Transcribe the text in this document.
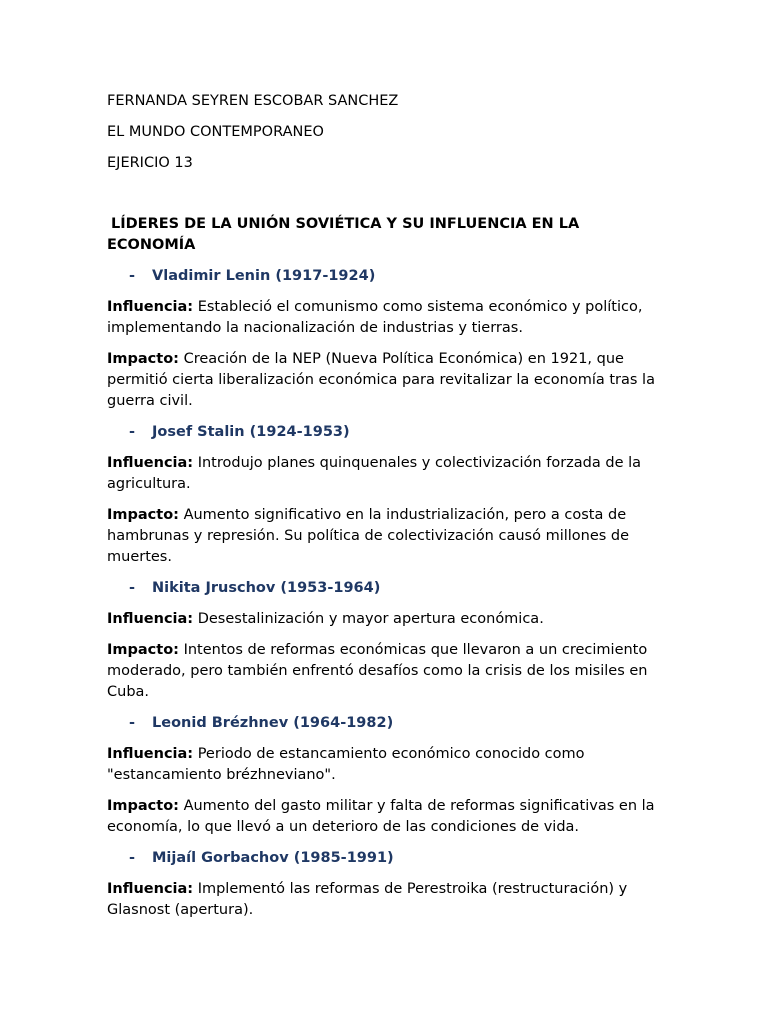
FERNANDA SEYREN ESCOBAR SANCHEZ
EL MUNDO CONTEMPORANEO
EJERICIO 13
LÍDERES DE LA UNIÓN SOVIÉTICA Y SU INFLUENCIA EN LA
ECONOMÍA
-	Vladimir Lenin (1917-1924)
Influencia: Estableció el comunismo como sistema económico y político, implementando la nacionalización de industrias y tierras.
Impacto: Creación de la NEP (Nueva Política Económica) en 1921, que permitió cierta liberalización económica para revitalizar la economía tras la guerra civil.
-	Josef Stalin (1924-1953)
Influencia: Introdujo planes quinquenales y colectivización forzada de la agricultura.
Impacto: Aumento significativo en la industrialización, pero a costa de hambrunas y represión. Su política de colectivización causó millones de muertes.
-	Nikita Jruschov (1953-1964)
Influencia: Desestalinización y mayor apertura económica.
Impacto: Intentos de reformas económicas que llevaron a un crecimiento moderado, pero también enfrentó desafíos como la crisis de los misiles en Cuba.
-	Leonid Brézhnev (1964-1982)
Influencia: Periodo de estancamiento económico conocido como "estancamiento brézhneviano".
Impacto: Aumento del gasto militar y falta de reformas significativas en la economía, lo que llevó a un deterioro de las condiciones de vida.
-	Mijaíl Gorbachov (1985-1991)
Influencia: Implementó las reformas de Perestroika (restructuración) y Glasnost (apertura).
